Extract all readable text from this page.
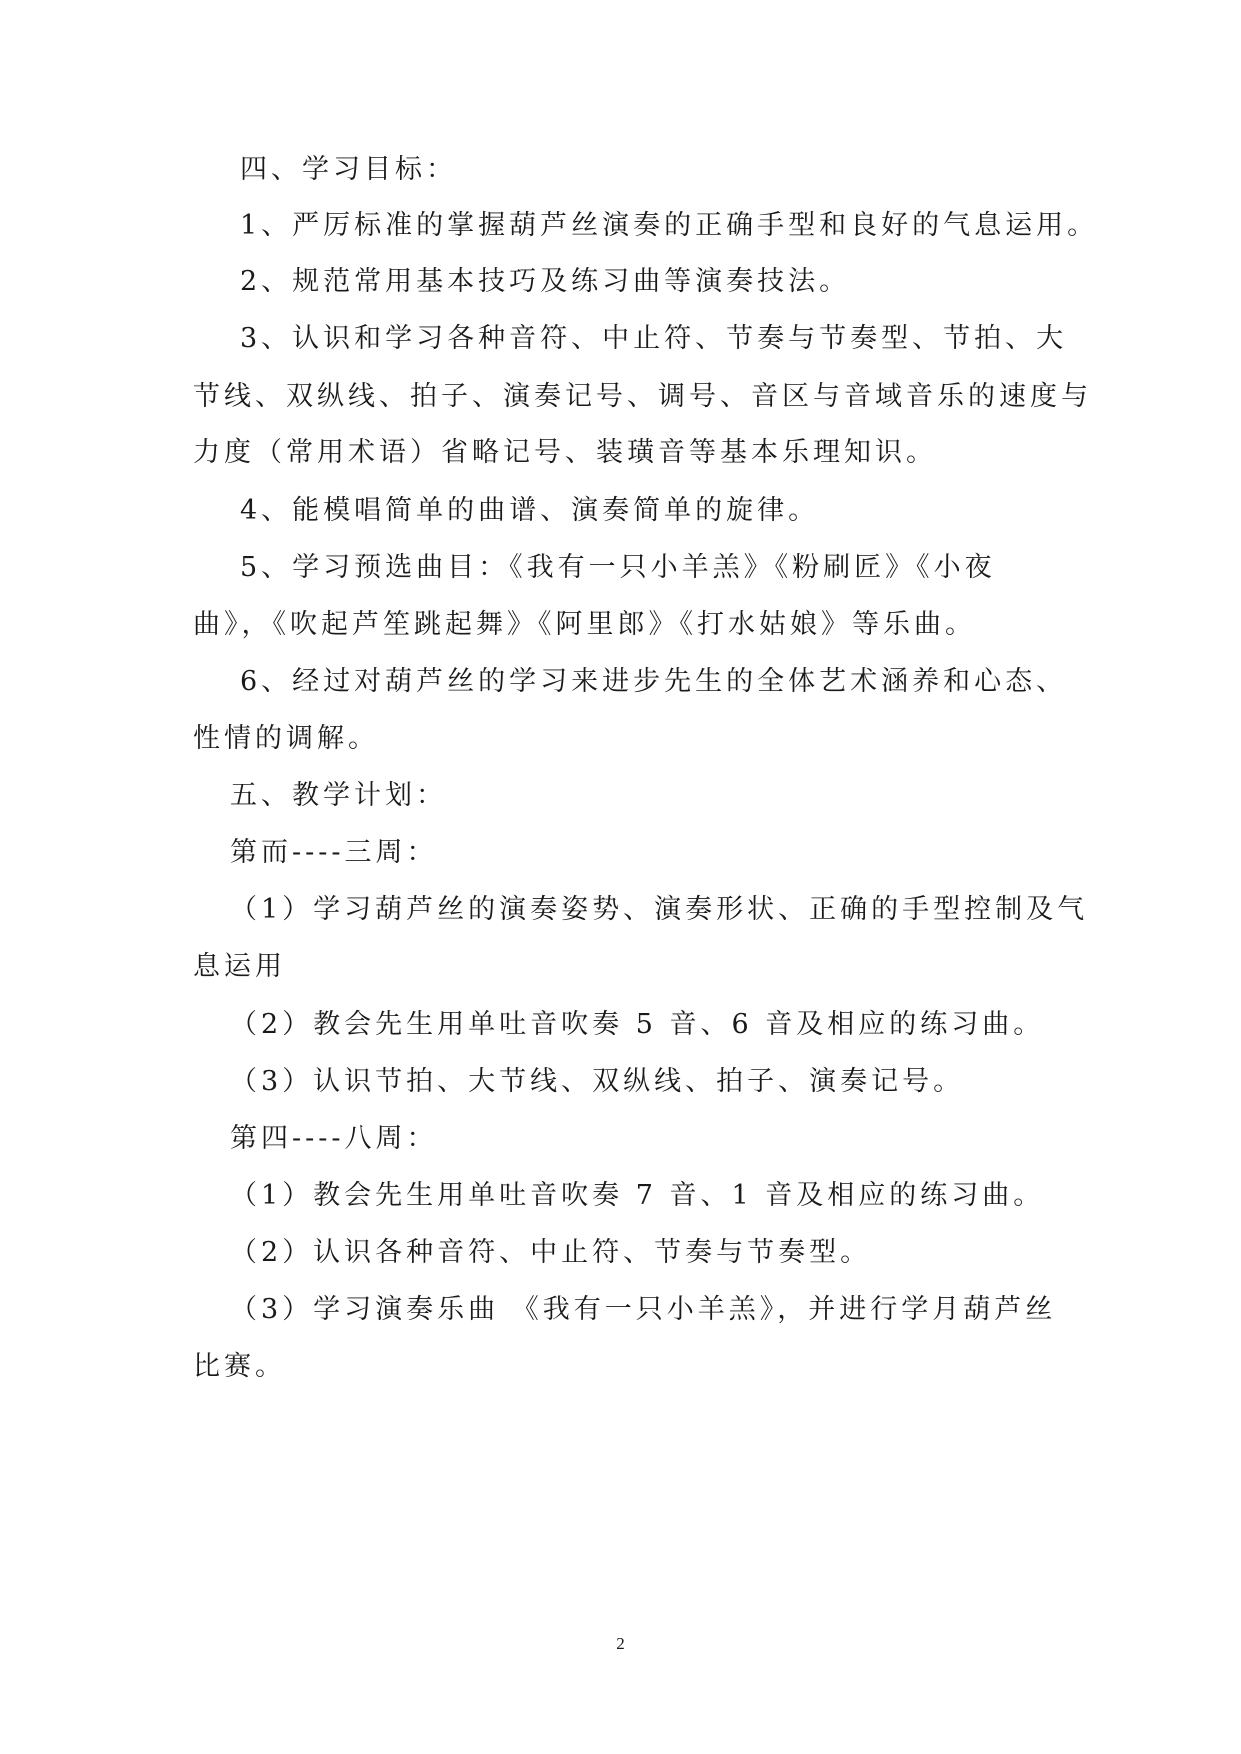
四、学习目标：
1、严厉标准的掌握葫芦丝演奏的正确手型和良好的气息运用。
2、规范常用基本技巧及练习曲等演奏技法。
3、认识和学习各种音符、中止符、节奏与节奏型、节拍、大
节线、双纵线、拍子、演奏记号、调号、音区与音域音乐的速度与
力度（常用术语）省略记号、装璜音等基本乐理知识。
4、能模唱简单的曲谱、演奏简单的旋律。
5、学习预选曲目：《我有一只小羊羔》《粉刷匠》《小夜
曲》，《吹起芦笙跳起舞》《阿里郎》《打水姑娘》等乐曲。
6、经过对葫芦丝的学习来进步先生的全体艺术涵养和心态、
性情的调解。
五、教学计划：
第而----三周：
（1）学习葫芦丝的演奏姿势、演奏形状、正确的手型控制及气
息运用
（2）教会先生用单吐音吹奏 5 音、6 音及相应的练习曲。
（3）认识节拍、大节线、双纵线、拍子、演奏记号。
第四----八周：
（1）教会先生用单吐音吹奏 7 音、1 音及相应的练习曲。
（2）认识各种音符、中止符、节奏与节奏型。
（3）学习演奏乐曲 《我有一只小羊羔》，并进行学月葫芦丝
比赛。
2
